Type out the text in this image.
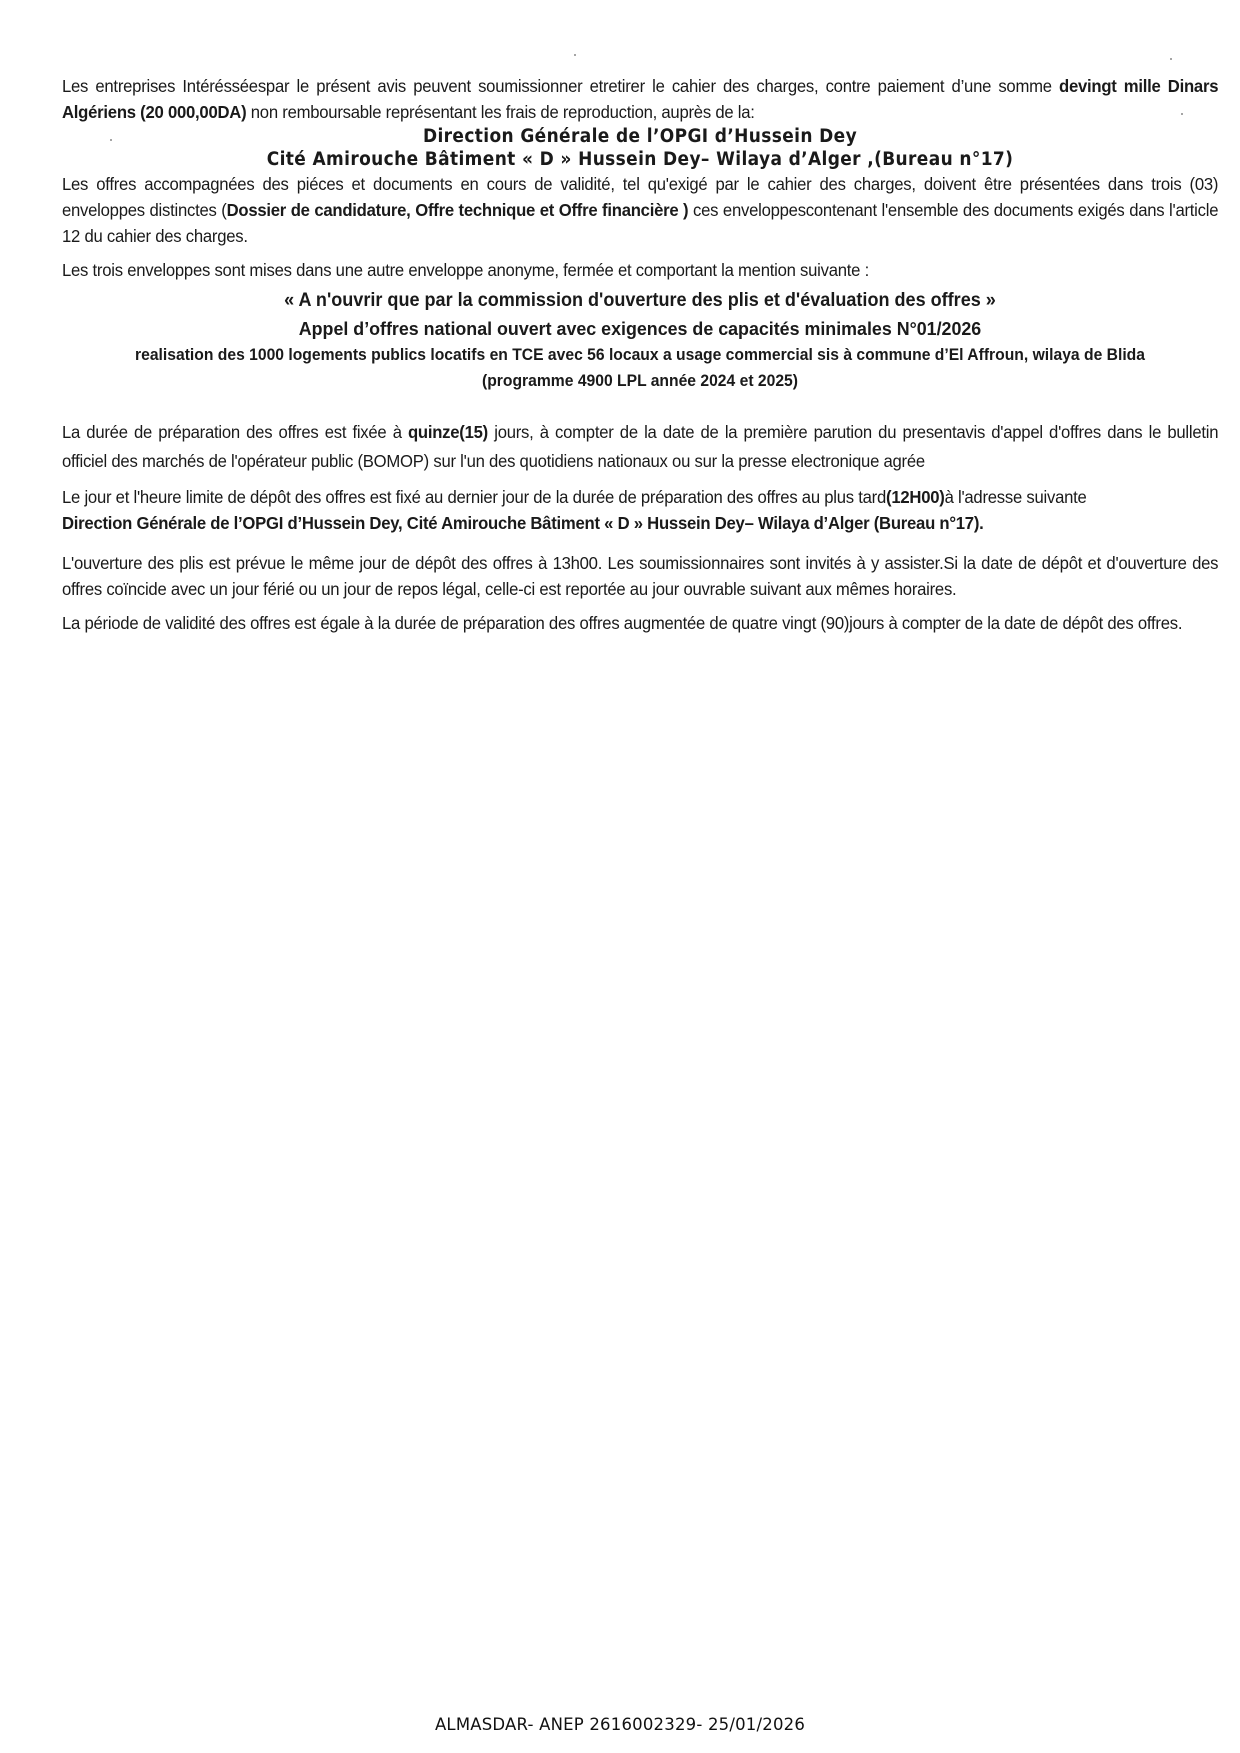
Les entreprises Intérésséespar le présent avis peuvent soumissionner etretirer le cahier des charges, contre paiement d’une somme devingt mille Dinars Algériens (20 000,00DA) non remboursable représentant les frais de reproduction, auprès de la:

Direction Générale de l’OPGI d’Hussein Dey

Cité Amirouche Bâtiment « D » Hussein Dey– Wilaya d’Alger ,(Bureau n°17)

Les offres accompagnées des piéces et documents en cours de validité, tel qu'exigé par le cahier des charges, doivent être présentées dans trois (03) enveloppes distinctes (Dossier de candidature, Offre technique et Offre financière ) ces enveloppescontenant l'ensemble des documents exigés dans l'article 12 du cahier des charges.
Les trois enveloppes sont mises dans une autre enveloppe anonyme, fermée et comportant la mention suivante :

« A n'ouvrir que par la commission d'ouverture des plis et d'évaluation des offres »

Appel d’offres national ouvert avec exigences de capacités minimales N°01/2026

realisation des 1000 logements publics locatifs en TCE avec 56 locaux a usage commercial sis à commune d’El Affroun, wilaya de Blida

(programme 4900 LPL année 2024 et 2025)

La durée de préparation des offres est fixée à quinze(15) jours, à compter de la date de la première parution du presentavis d'appel d'offres dans le bulletin officiel des marchés de l'opérateur public (BOMOP) sur l'un des quotidiens nationaux ou sur la presse electronique agrée
Le jour et l'heure limite de dépôt des offres est fixé au dernier jour de la durée de préparation des offres au plus tard(12H00)à l'adresse suivante
Direction Générale de l’OPGI d’Hussein Dey, Cité Amirouche Bâtiment « D » Hussein Dey– Wilaya d’Alger (Bureau n°17).
L'ouverture des plis est prévue le même jour de dépôt des offres à 13h00. Les soumissionnaires sont invités à y assister.Si la date de dépôt et d'ouverture des offres coïncide avec un jour férié ou un jour de repos légal, celle-ci est reportée au jour ouvrable suivant aux mêmes horaires.
La période de validité des offres est égale à la durée de préparation des offres augmentée de quatre vingt (90)jours à compter de la date de dépôt des offres.
ALMASDAR- ANEP 2616002329- 25/01/2026
